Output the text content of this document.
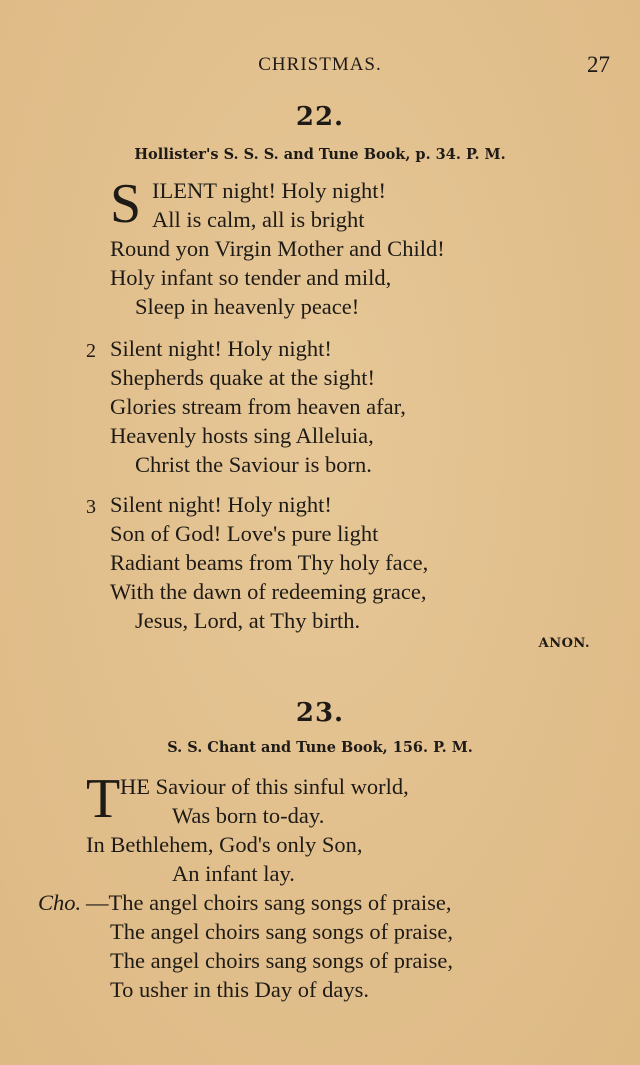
CHRISTMAS.	27
22.
Hollister's S. S. S. and Tune Book, p. 34. P. M.
S ILENT night! Holy night!
All is calm, all is bright
Round yon Virgin Mother and Child!
Holy infant so tender and mild,
Sleep in heavenly peace!
2 Silent night! Holy night!
Shepherds quake at the sight!
Glories stream from heaven afar,
Heavenly hosts sing Alleluia,
Christ the Saviour is born.
3 Silent night! Holy night!
Son of God! Love's pure light
Radiant beams from Thy holy face,
With the dawn of redeeming grace,
Jesus, Lord, at Thy birth.
ANON.
23.
S. S. Chant and Tune Book, 156. P. M.
T HE Saviour of this sinful world,
Was born to-day.
In Bethlehem, God's only Son,
An infant lay.
Cho. —The angel choirs sang songs of praise,
The angel choirs sang songs of praise,
The angel choirs sang songs of praise,
To usher in this Day of days.
